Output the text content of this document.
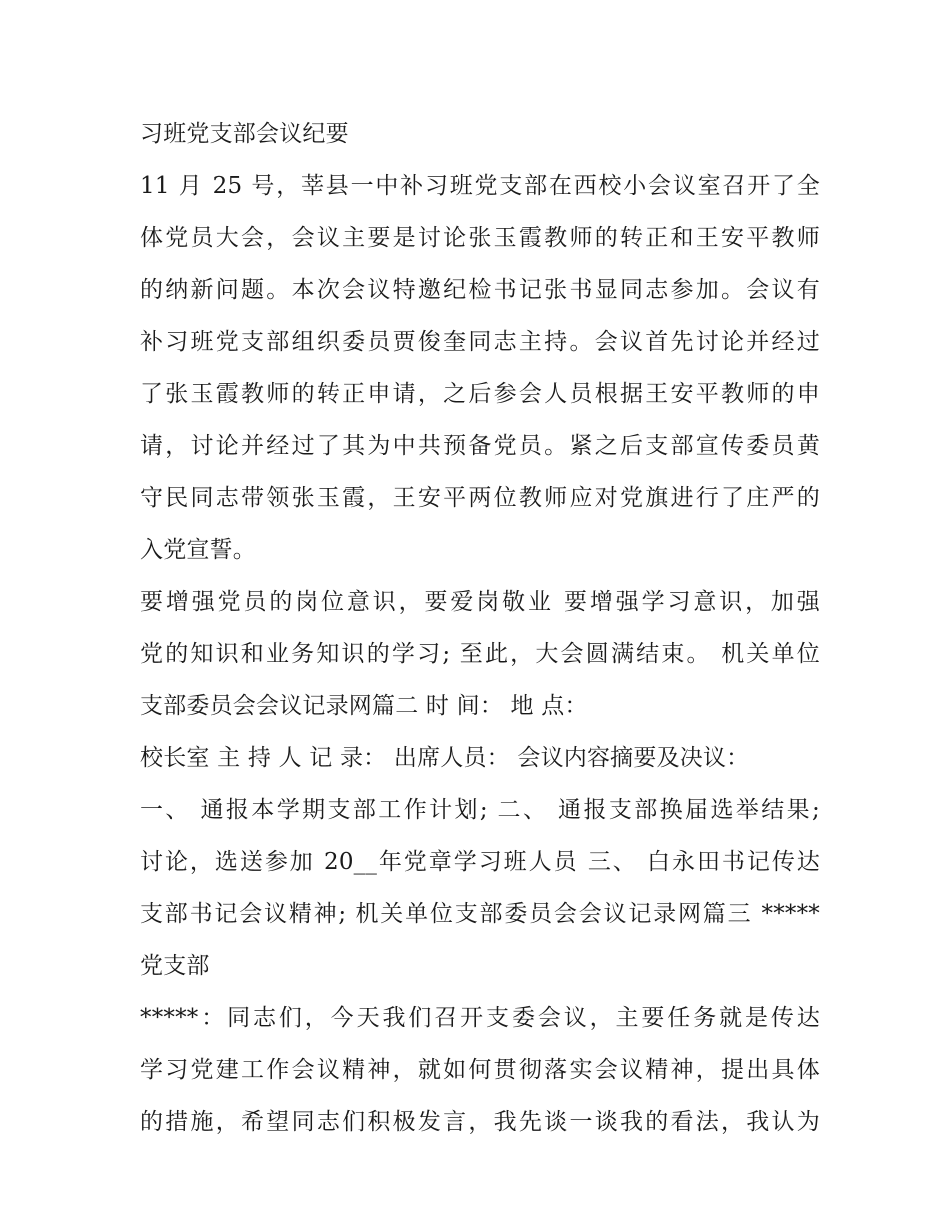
习班党支部会议纪要

11 月 25 号，莘县一中补习班党支部在西校小会议室召开了全

体党员大会，会议主要是讨论张玉霞教师的转正和王安平教师

的纳新问题。本次会议特邀纪检书记张书显同志参加。会议有

补习班党支部组织委员贾俊奎同志主持。会议首先讨论并经过

了张玉霞教师的转正申请，之后参会人员根据王安平教师的申

请，讨论并经过了其为中共预备党员。紧之后支部宣传委员黄

守民同志带领张玉霞，王安平两位教师应对党旗进行了庄严的

入党宣誓。

要增强党员的岗位意识，要爱岗敬业 要增强学习意识，加强

党的知识和业务知识的学习; 至此，大会圆满结束。 机关单位

支部委员会会议记录网篇二 时 间： 地 点：

校长室 主 持 人 记 录： 出席人员： 会议内容摘要及决议：

一、 通报本学期支部工作计划; 二、 通报支部换届选举结果;

讨论，选送参加 20__年党章学习班人员 三、 白永田书记传达

支部书记会议精神; 机关单位支部委员会会议记录网篇三 *****

党支部

*****：同志们，今天我们召开支委会议，主要任务就是传达

学习党建工作会议精神，就如何贯彻落实会议精神，提出具体

的措施，希望同志们积极发言，我先谈一谈我的看法，我认为
